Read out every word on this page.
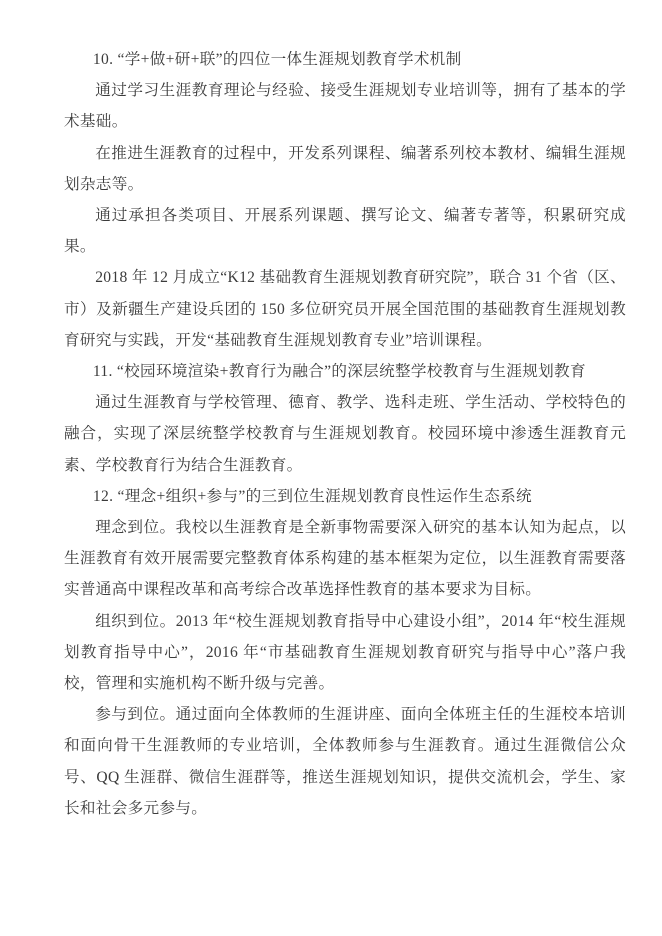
10. “学+做+研+联”的四位一体生涯规划教育学术机制

通过学习生涯教育理论与经验、接受生涯规划专业培训等，拥有了基本的学术基础。

在推进生涯教育的过程中，开发系列课程、编著系列校本教材、编辑生涯规划杂志等。

通过承担各类项目、开展系列课题、撰写论文、编著专著等，积累研究成果。

2018 年 12 月成立“K12 基础教育生涯规划教育研究院”，联合 31 个省（区、市）及新疆生产建设兵团的 150 多位研究员开展全国范围的基础教育生涯规划教育研究与实践，开发“基础教育生涯规划教育专业”培训课程。

11. “校园环境渲染+教育行为融合”的深层统整学校教育与生涯规划教育

通过生涯教育与学校管理、德育、教学、选科走班、学生活动、学校特色的融合，实现了深层统整学校教育与生涯规划教育。校园环境中渗透生涯教育元素、学校教育行为结合生涯教育。

12. “理念+组织+参与”的三到位生涯规划教育良性运作生态系统

理念到位。我校以生涯教育是全新事物需要深入研究的基本认知为起点，以生涯教育有效开展需要完整教育体系构建的基本框架为定位，以生涯教育需要落实普通高中课程改革和高考综合改革选择性教育的基本要求为目标。

组织到位。2013 年“校生涯规划教育指导中心建设小组”，2014 年“校生涯规划教育指导中心”，2016 年“市基础教育生涯规划教育研究与指导中心”落户我校，管理和实施机构不断升级与完善。

参与到位。通过面向全体教师的生涯讲座、面向全体班主任的生涯校本培训和面向骨干生涯教师的专业培训，全体教师参与生涯教育。通过生涯微信公众号、QQ 生涯群、微信生涯群等，推送生涯规划知识，提供交流机会，学生、家长和社会多元参与。
